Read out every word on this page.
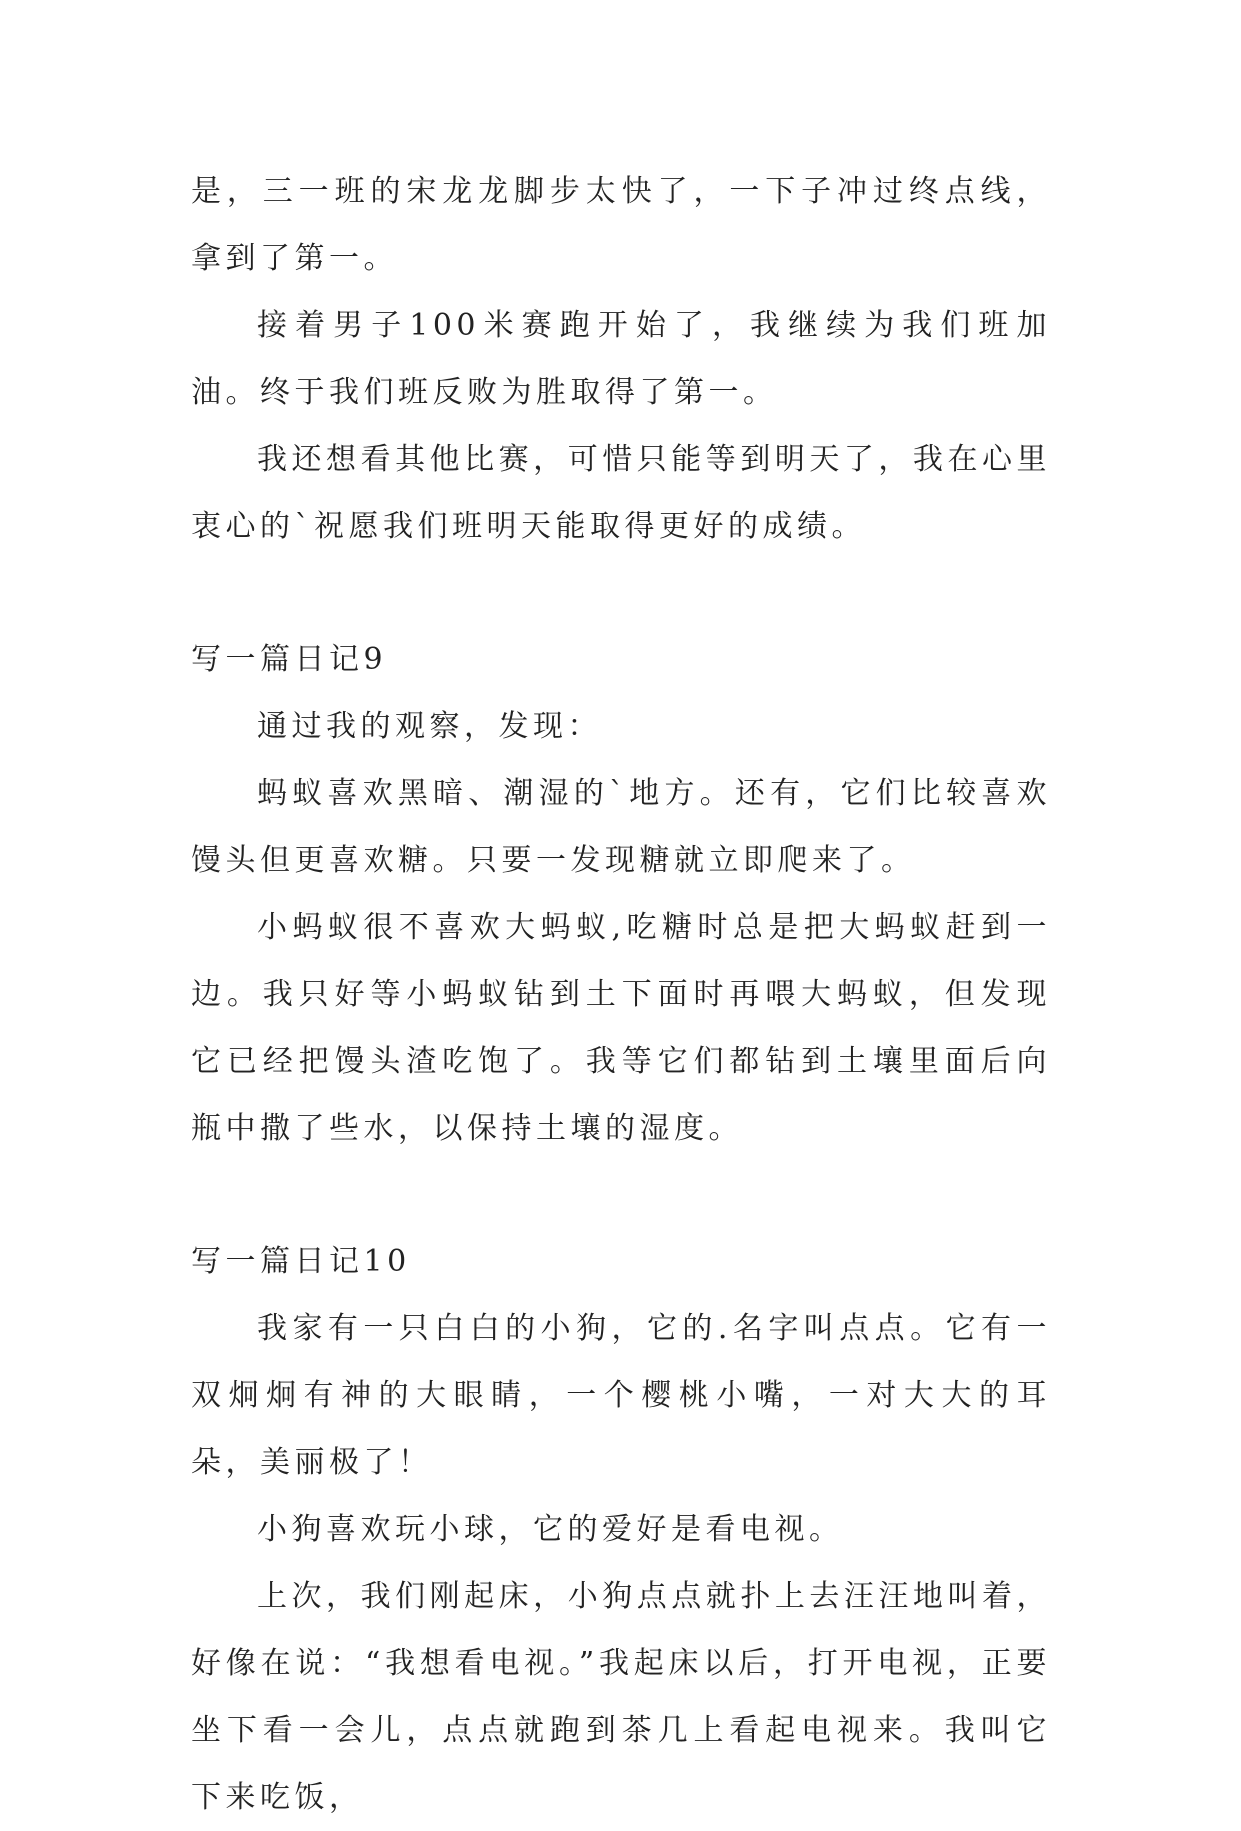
是，三一班的宋龙龙脚步太快了，一下子冲过终点线，拿到了第一。

接着男子100米赛跑开始了，我继续为我们班加油。终于我们班反败为胜取得了第一。

我还想看其他比赛，可惜只能等到明天了，我在心里衷心的`祝愿我们班明天能取得更好的成绩。

写一篇日记9

通过我的观察，发现：

蚂蚁喜欢黑暗、潮湿的`地方。还有，它们比较喜欢馒头但更喜欢糖。只要一发现糖就立即爬来了。

小蚂蚁很不喜欢大蚂蚁,吃糖时总是把大蚂蚁赶到一边。我只好等小蚂蚁钻到土下面时再喂大蚂蚁，但发现它已经把馒头渣吃饱了。我等它们都钻到土壤里面后向瓶中撒了些水，以保持土壤的湿度。

写一篇日记10

我家有一只白白的小狗，它的.名字叫点点。它有一双炯炯有神的大眼睛，一个樱桃小嘴，一对大大的耳朵，美丽极了！

小狗喜欢玩小球，它的爱好是看电视。

上次，我们刚起床，小狗点点就扑上去汪汪地叫着，好像在说：“我想看电视。”我起床以后，打开电视，正要坐下看一会儿，点点就跑到茶几上看起电视来。我叫它下来吃饭，
